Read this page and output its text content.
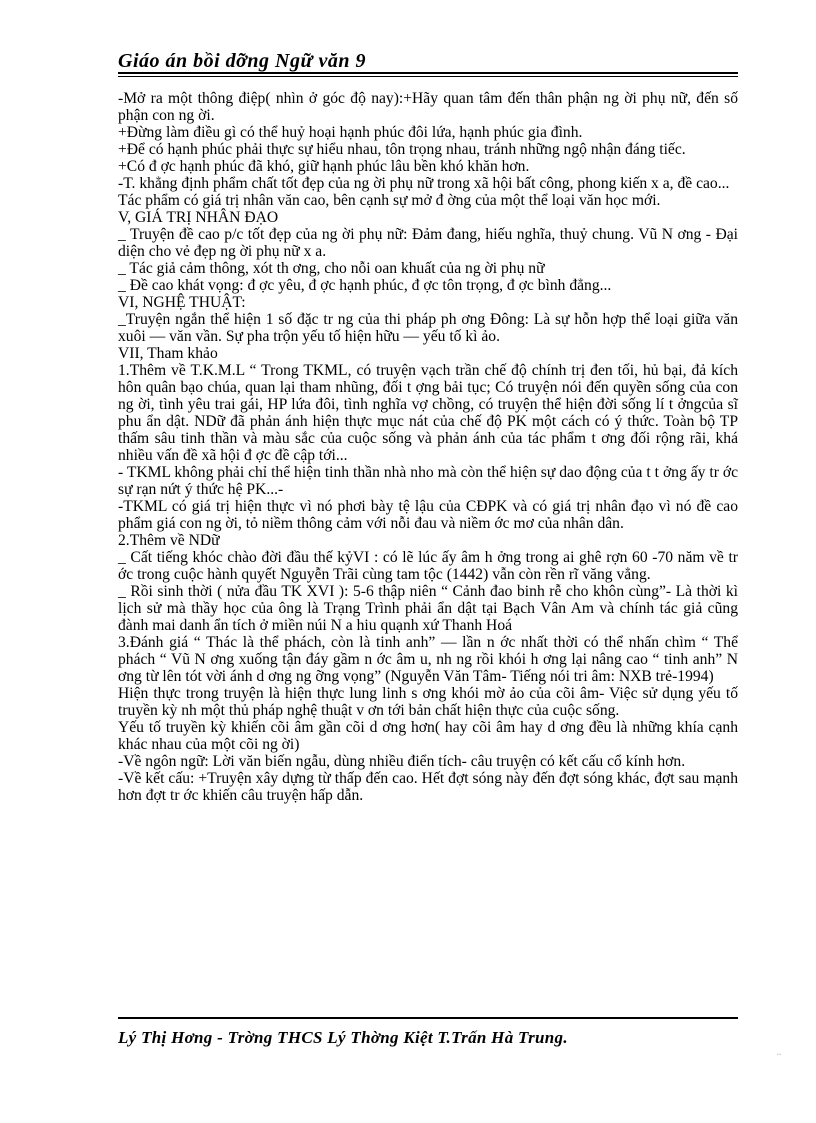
Giáo án bồi dỡng Ngữ văn 9

-Mở ra một thông điệp( nhìn ở góc độ nay):+Hãy quan tâm đến thân phận ng ời phụ nữ, đến số phận con ng ời.

+Đừng làm điều gì có thể huỷ hoại hạnh phúc đôi lứa, hạnh phúc gia đình.

+Để có hạnh phúc phải thực sự hiểu nhau, tôn trọng nhau, tránh những ngộ nhận đáng tiếc.

+Có đ ợc hạnh phúc đã khó, giữ hạnh phúc lâu bền khó khăn hơn.

-T. khẳng định phẩm chất tốt đẹp của ng ời phụ nữ trong xã hội bất công, phong kiến x a, đề cao...

Tác phẩm có giá trị nhân văn cao, bên cạnh sự mở đ ờng của một thể loại văn học mới.

V, GIÁ TRỊ NHÂN ĐẠO

_ Truyện đề cao p/c tốt đẹp của ng ời phụ nữ: Đảm đang, hiếu nghĩa, thuỷ chung. Vũ N ơng - Đại diện cho vẻ đẹp ng ời phụ nữ x a.

_ Tác giả cảm thông, xót th ơng, cho nỗi oan khuất của ng ời phụ nữ

_ Đề cao khát vọng: đ ợc yêu, đ ợc hạnh phúc, đ ợc tôn trọng, đ ợc bình đẳng...

VI, NGHỆ THUẬT:

_Truyện ngắn thể hiện 1 số đặc tr ng của thi pháp ph ơng Đông: Là sự hỗn hợp thể loại giữa văn xuôi — văn vần. Sự pha trộn yếu tố hiện hữu — yếu tố kì ảo.

VII, Tham khảo

1.Thêm về T.K.M.L “ Trong TKML, có truyện vạch trần chế độ chính trị đen tối, hủ bại, đả kích hôn quân bạo chúa, quan lại tham nhũng, đối t ợng bải tục; Có truyện nói đến quyền sống của con ng ời, tình yêu trai gái, HP lứa đôi, tình nghĩa vợ chồng, có truyện thể hiện đời sống lí t ởngcủa sĩ phu ẩn dật. NDữ đã phản ánh hiện thực mục nát của chế độ PK một cách có ý thức. Toàn bộ TP thấm sâu tinh thần và màu sắc của cuộc sống và phản ánh của tác phẩm t ơng đối rộng rãi, khá nhiều vấn đề xã hội đ ợc đề cập tới...

- TKML không phải chỉ thể hiện tinh thần nhà nho mà còn thể hiện sự dao động của t t ởng ấy tr ớc sự rạn nứt ý thức hệ PK...-

-TKML có giá trị hiện thực vì nó phơi bày tệ lậu của CĐPK và có giá trị nhân đạo vì nó đề cao phẩm giá con ng ời, tỏ niềm thông cảm với nỗi đau và niềm ớc mơ của nhân dân.

2.Thêm về NDữ

_ Cất tiếng khóc chào đời đầu thế kỷVI : có lẽ lúc ấy âm h ởng trong ai ghê rợn 60 -70 năm về tr ớc trong cuộc hành quyết Nguyễn Trãi cùng tam tộc (1442) vẫn còn rền rĩ văng vẳng.

_ Rồi sinh thời ( nửa đầu TK XVI ): 5-6 thập niên “ Cảnh đao binh rễ cho khôn cùng”- Là thời kì lịch sử mà thầy học của ông là Trạng Trình phải ẩn dật tại Bạch Vân Am và chính tác giả cũng đành mai danh ẩn tích ở miền núi N a hiu quạnh xứ Thanh Hoá

3.Đánh giá “ Thác là thể phách, còn là tinh anh” — lần n ớc nhất thời có thể nhấn chìm “ Thể phách “ Vũ N ơng xuống tận đáy gầm n ớc âm u, nh ng rồi khói h ơng lại nâng cao “ tinh anh” N ơng từ lên tót vời ánh d ơng ng ỡng vọng” (Nguyễn Văn Tâm- Tiếng nói tri âm: NXB trẻ-1994)

Hiện thực trong truyện là hiện thực lung linh s ơng khói mờ ảo của cõi âm- Việc sử dụng yếu tố truyền kỳ nh một thủ pháp nghệ thuật v ơn tới bản chất hiện thực của cuộc sống.

Yếu tố truyền kỳ khiến cõi âm gần cõi d ơng hơn( hay cõi âm hay d ơng đều là những khía cạnh khác nhau của một cõi ng ời)

-Về ngôn ngữ: Lời văn biến ngẫu, dùng nhiều điển tích- câu truyện có kết cấu cổ kính hơn.

-Về kết cấu: +Truyện xây dựng từ thấp đến cao. Hết đợt sóng này đến đợt sóng khác, đợt sau mạnh hơn đợt tr ớc khiến câu truyện hấp dẫn.

Lý Thị Hơng - Trờng THCS Lý Thờng Kiệt T.Trấn Hà Trung.
¨
